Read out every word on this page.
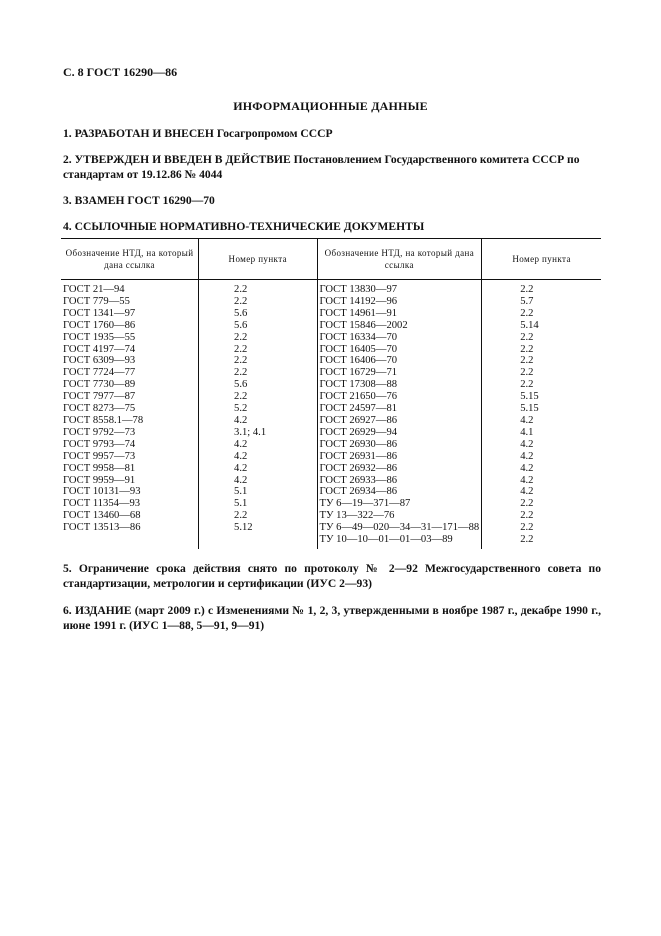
С. 8 ГОСТ 16290—86
ИНФОРМАЦИОННЫЕ ДАННЫЕ
1. РАЗРАБОТАН И ВНЕСЕН Госагропромом СССР
2. УТВЕРЖДЕН И ВВЕДЕН В ДЕЙСТВИЕ Постановлением Государственного комитета СССР по стандартам от 19.12.86 № 4044
3. ВЗАМЕН ГОСТ 16290—70
4. ССЫЛОЧНЫЕ НОРМАТИВНО-ТЕХНИЧЕСКИЕ ДОКУМЕНТЫ
Обозначение НТД, на который дана ссылка	Номер пункта	Обозначение НТД, на который дана ссылка	Номер пункта

ГОСТ 21—94	2.2	ГОСТ 13830—97	2.2
ГОСТ 779—55	2.2	ГОСТ 14192—96	5.7
ГОСТ 1341—97	5.6	ГОСТ 14961—91	2.2
ГОСТ 1760—86	5.6	ГОСТ 15846—2002	5.14
ГОСТ 1935—55	2.2	ГОСТ 16334—70	2.2
ГОСТ 4197—74	2.2	ГОСТ 16405—70	2.2
ГОСТ 6309—93	2.2	ГОСТ 16406—70	2.2
ГОСТ 7724—77	2.2	ГОСТ 16729—71	2.2
ГОСТ 7730—89	5.6	ГОСТ 17308—88	2.2
ГОСТ 7977—87	2.2	ГОСТ 21650—76	5.15
ГОСТ 8273—75	5.2	ГОСТ 24597—81	5.15
ГОСТ 8558.1—78	4.2	ГОСТ 26927—86	4.2
ГОСТ 9792—73	3.1; 4.1	ГОСТ 26929—94	4.1
ГОСТ 9793—74	4.2	ГОСТ 26930—86	4.2
ГОСТ 9957—73	4.2	ГОСТ 26931—86	4.2
ГОСТ 9958—81	4.2	ГОСТ 26932—86	4.2
ГОСТ 9959—91	4.2	ГОСТ 26933—86	4.2
ГОСТ 10131—93	5.1	ГОСТ 26934—86	4.2
ГОСТ 11354—93	5.1	ТУ 6—19—371—87	2.2
ГОСТ 13460—68	2.2	ТУ 13—322—76	2.2
ГОСТ 13513—86	5.12	ТУ 6—49—020—34—31—171—88	2.2
		ТУ 10—10—01—01—03—89	2.2
5. Ограничение срока действия снято по протоколу № 2—92 Межгосударственного совета по стандартизации, метрологии и сертификации (ИУС 2—93)
6. ИЗДАНИЕ (март 2009 г.) с Изменениями № 1, 2, 3, утвержденными в ноябре 1987 г., декабре 1990 г., июне 1991 г. (ИУС 1—88, 5—91, 9—91)
